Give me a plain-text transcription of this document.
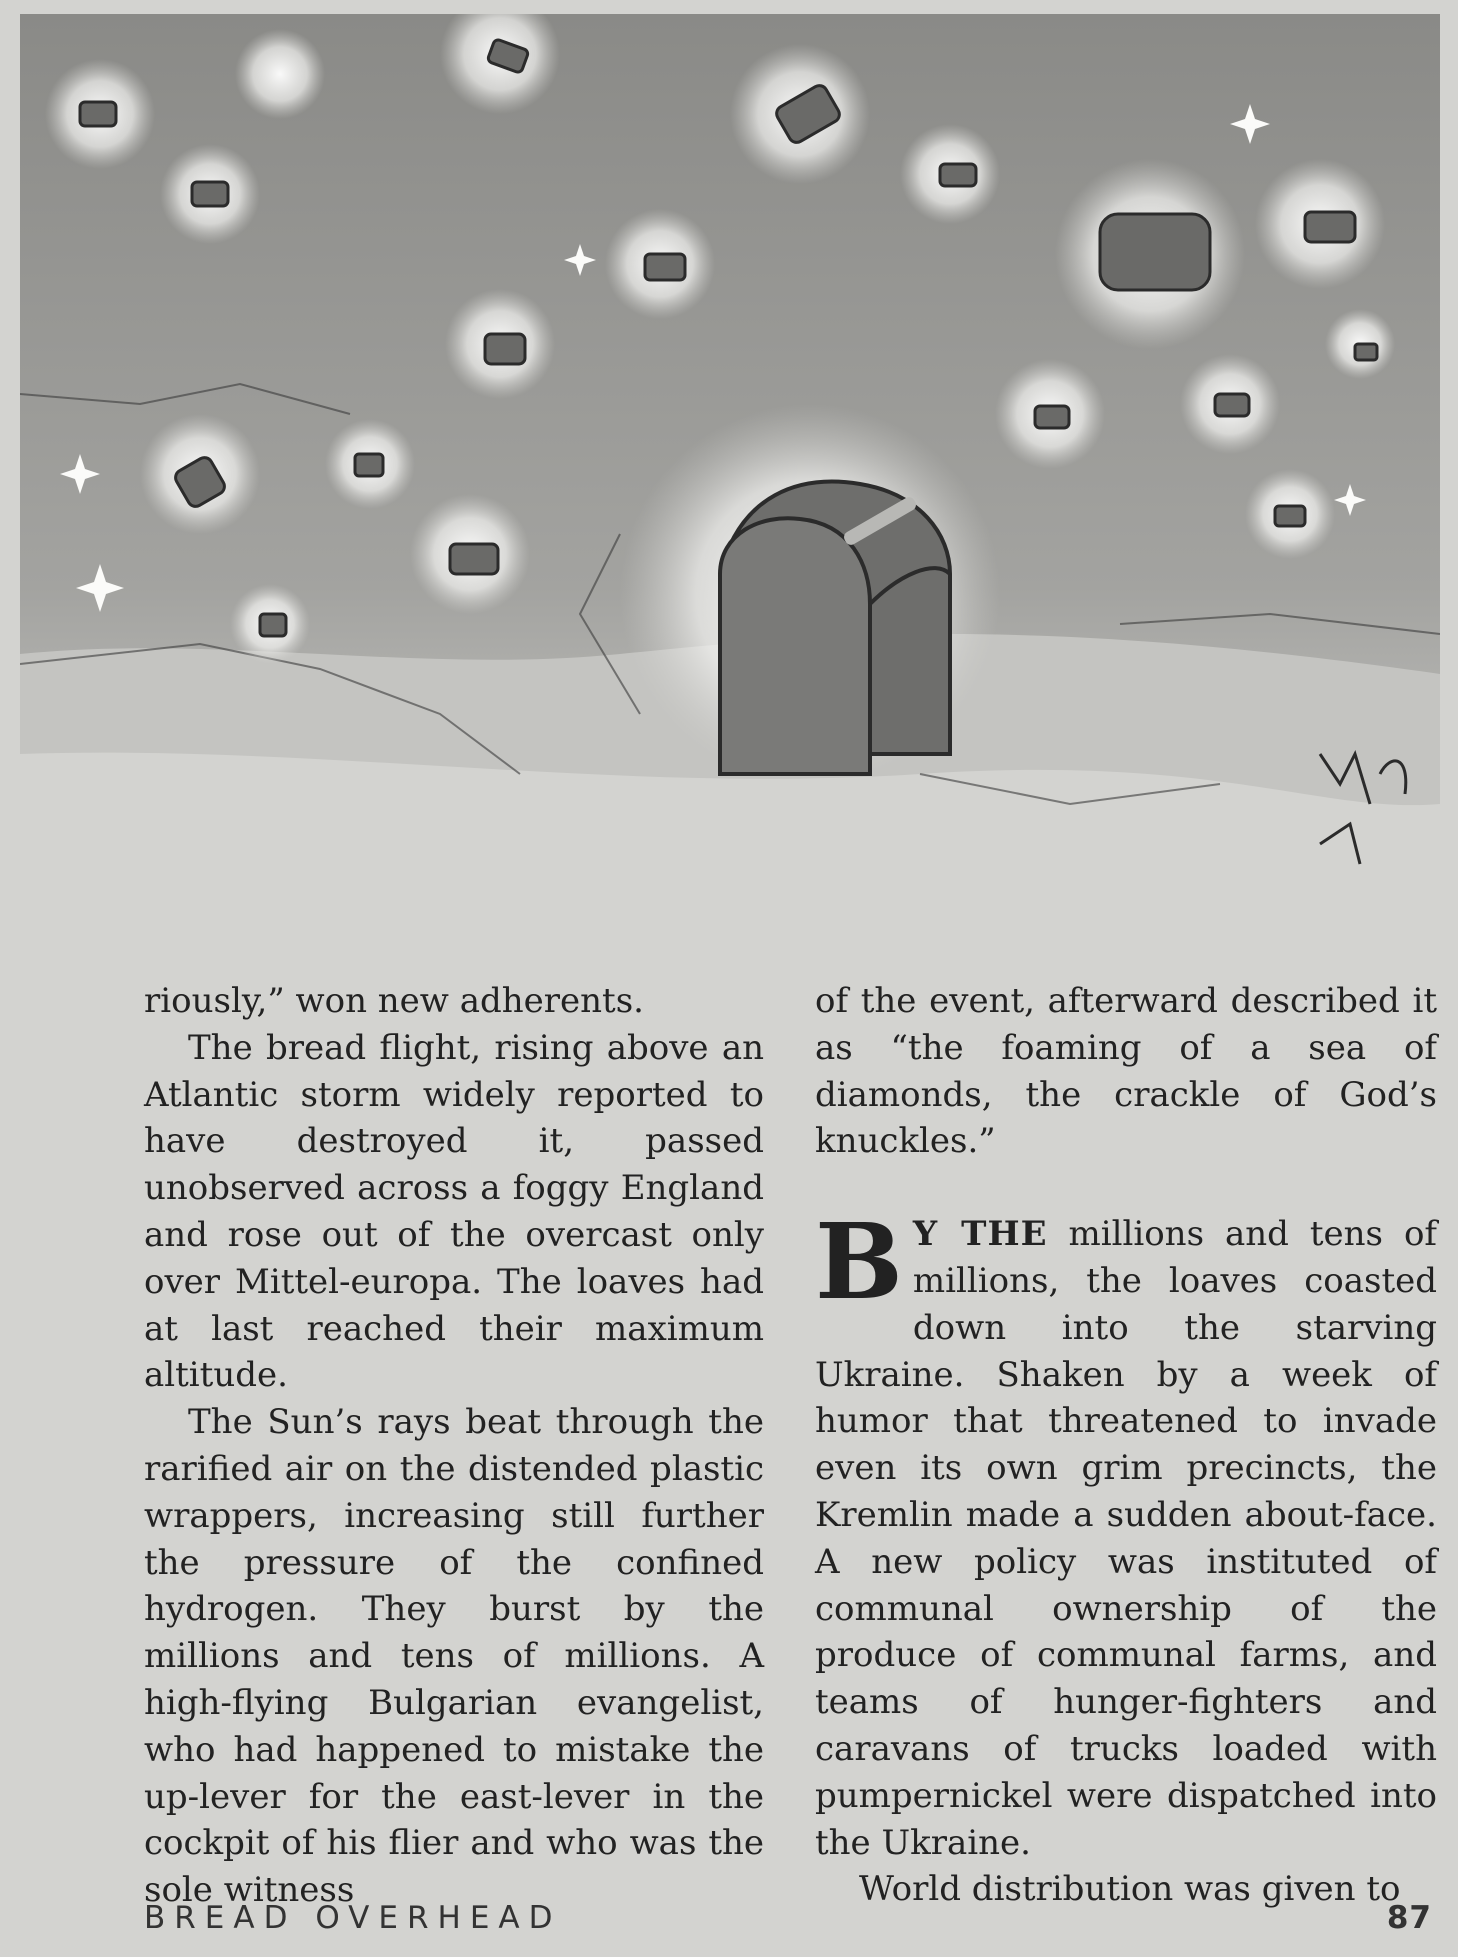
riously,” won new adherents.

The bread flight, rising above an Atlantic storm widely reported to have destroyed it, passed unobserved across a foggy England and rose out of the overcast only over Mittel-europa. The loaves had at last reached their maximum altitude.

The Sun’s rays beat through the rarified air on the distended plastic wrappers, increasing still further the pressure of the confined hydrogen. They burst by the millions and tens of millions. A high-flying Bulgarian evangelist, who had happened to mistake the up-lever for the east-lever in the cockpit of his flier and who was the sole witness

of the event, afterward described it as “the foaming of a sea of diamonds, the crackle of God’s knuckles.”

B Y THE millions and tens of millions, the loaves coasted down into the starving Ukraine. Shaken by a week of humor that threatened to invade even its own grim precincts, the Kremlin made a sudden about-face. A new policy was instituted of communal ownership of the produce of communal farms, and teams of hunger-fighters and caravans of trucks loaded with pumpernickel were dispatched into the Ukraine.

World distribution was given to

BREAD OVERHEAD	87
